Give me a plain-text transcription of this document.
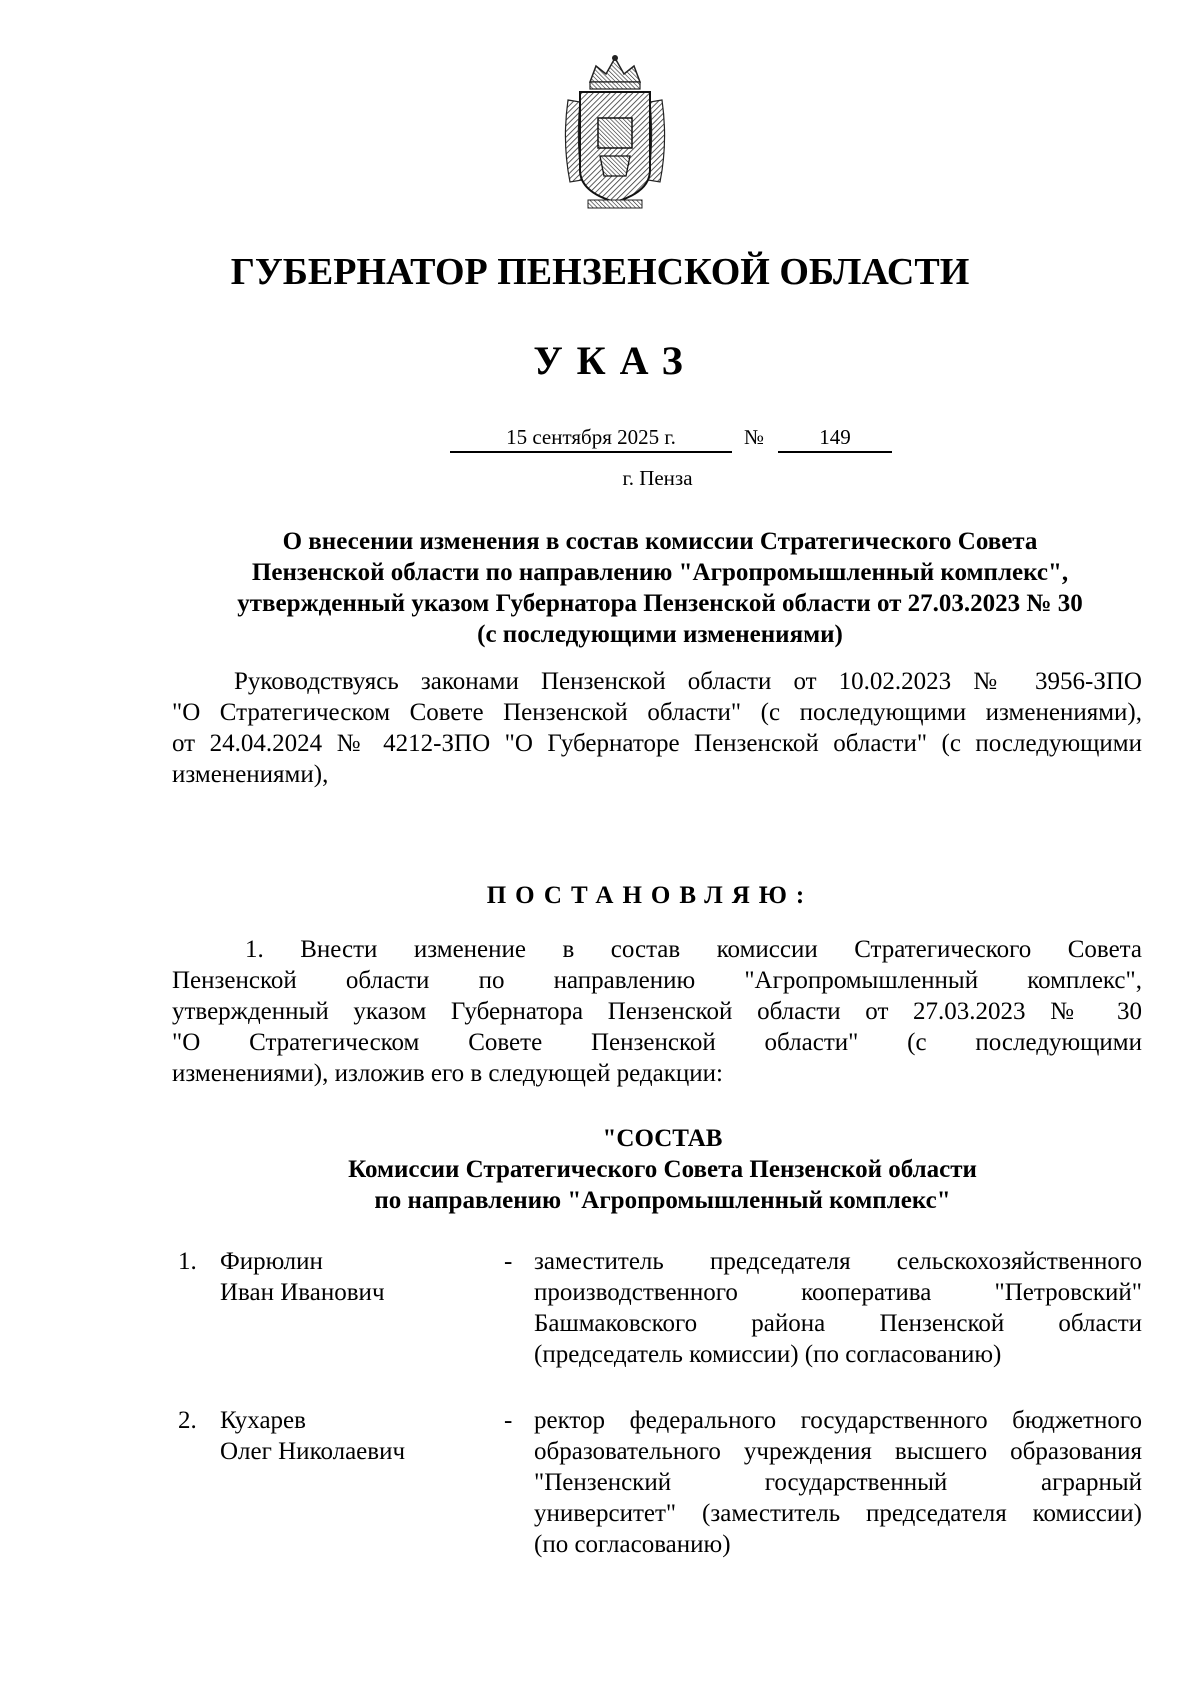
ГУБЕРНАТОР ПЕНЗЕНСКОЙ ОБЛАСТИ
УКАЗ
15 сентября 2025 г.	№	149
г. Пенза
О внесении изменения в состав комиссии Стратегического Совета
Пензенской области по направлению "Агропромышленный комплекс",
утвержденный указом Губернатора Пензенской области от 27.03.2023 № 30
(с последующими изменениями)
Руководствуясь законами Пензенской области от 10.02.2023 № 3956-ЗПО
"О Стратегическом Совете Пензенской области" (с последующими изменениями),
от 24.04.2024 № 4212-ЗПО "О Губернаторе Пензенской области" (с последующими
изменениями),
ПОСТАНОВЛЯЮ:
1. Внести изменение в состав комиссии Стратегического Совета
Пензенской области по направлению "Агропромышленный комплекс",
утвержденный указом Губернатора Пензенской области от 27.03.2023 № 30
"О Стратегическом Совете Пензенской области" (с последующими
изменениями), изложив его в следующей редакции:
"СОСТАВ
Комиссии Стратегического Совета Пензенской области
по направлению "Агропромышленный комплекс"
1. Фирюлин
Иван Иванович
- заместитель председателя сельскохозяйственного
производственного кооператива "Петровский"
Башмаковского района Пензенской области
(председатель комиссии) (по согласованию)
2. Кухарев
Олег Николаевич
- ректор федерального государственного бюджетного
образовательного учреждения высшего образования
"Пензенский государственный аграрный
университет" (заместитель председателя комиссии)
(по согласованию)
